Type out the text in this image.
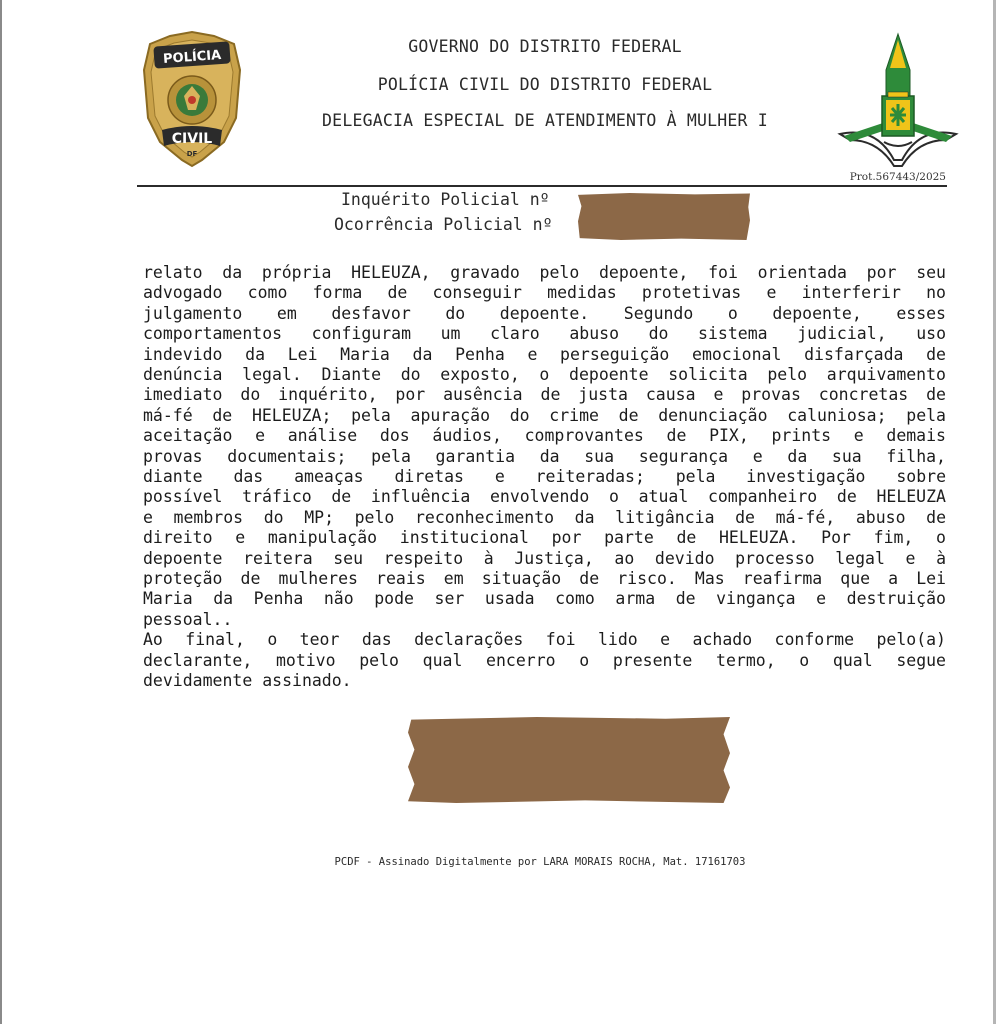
POLÍCIA
CIVIL
DF
GOVERNO DO DISTRITO FEDERAL
POLÍCIA CIVIL DO DISTRITO FEDERAL
DELEGACIA ESPECIAL DE ATENDIMENTO À MULHER I
Prot.567443/2025
Inquérito Policial nº
Ocorrência Policial nº
relato da própria HELEUZA, gravado pelo depoente, foi orientada por seu
advogado como forma de conseguir medidas protetivas e interferir no
julgamento em desfavor do depoente. Segundo o depoente, esses
comportamentos configuram um claro abuso do sistema judicial, uso
indevido da Lei Maria da Penha e perseguição emocional disfarçada de
denúncia legal. Diante do exposto, o depoente solicita pelo arquivamento
imediato do inquérito, por ausência de justa causa e provas concretas de
má-fé de HELEUZA; pela apuração do crime de denunciação caluniosa; pela
aceitação e análise dos áudios, comprovantes de PIX, prints e demais
provas documentais; pela garantia da sua segurança e da sua filha,
diante das ameaças diretas e reiteradas; pela investigação sobre
possível tráfico de influência envolvendo o atual companheiro de HELEUZA
e membros do MP; pelo reconhecimento da litigância de má-fé, abuso de
direito e manipulação institucional por parte de HELEUZA. Por fim, o
depoente reitera seu respeito à Justiça, ao devido processo legal e à
proteção de mulheres reais em situação de risco. Mas reafirma que a Lei
Maria da Penha não pode ser usada como arma de vingança e destruição
pessoal..
Ao final, o teor das declarações foi lido e achado conforme pelo(a)
declarante, motivo pelo qual encerro o presente termo, o qual segue
devidamente assinado.
PCDF - Assinado Digitalmente por LARA MORAIS ROCHA, Mat. 17161703
